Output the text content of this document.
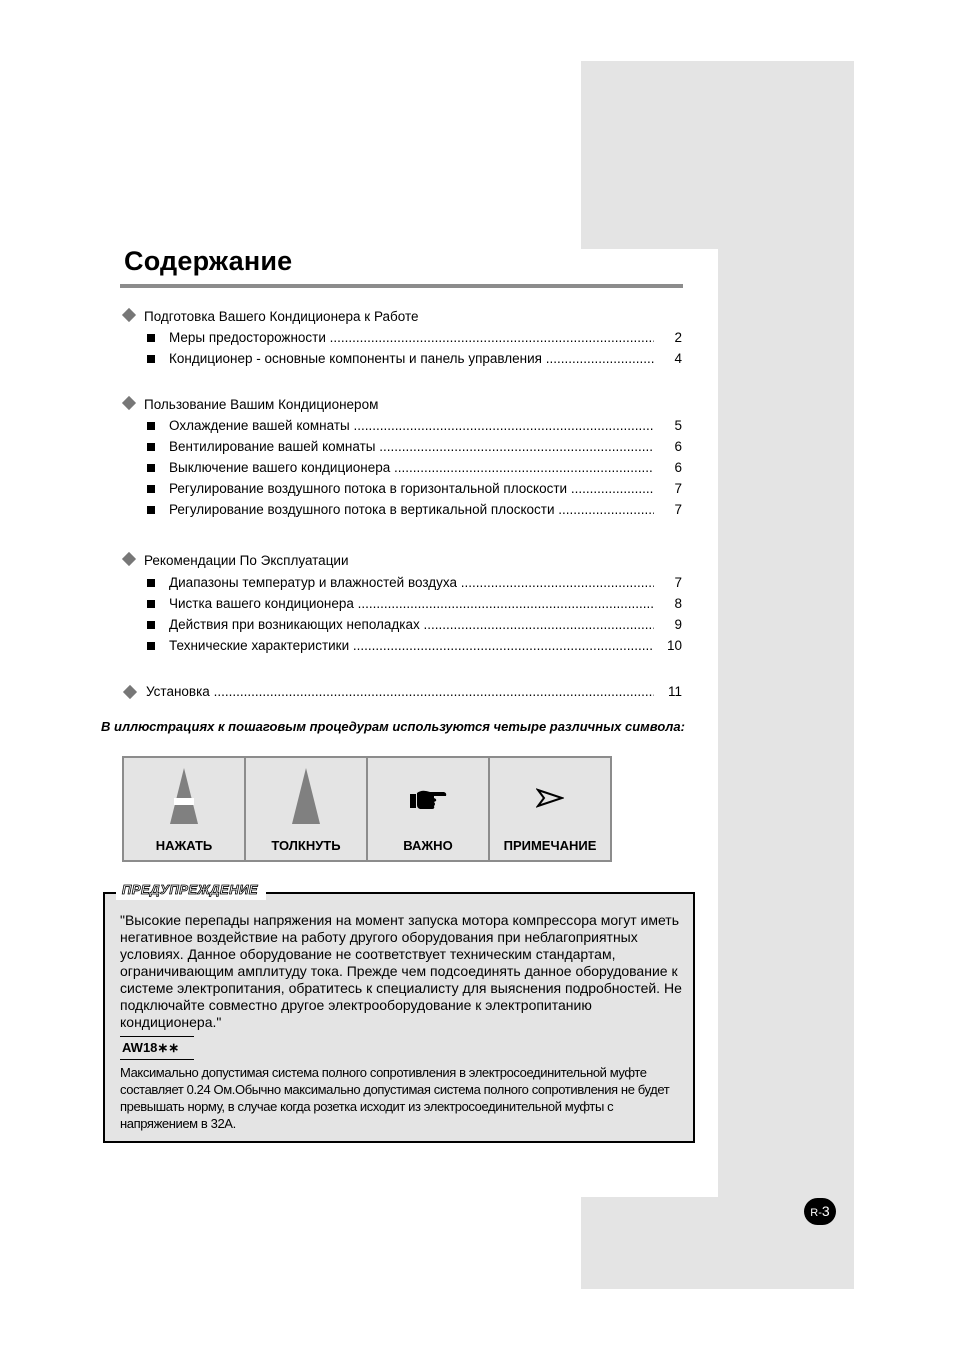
Содержание
Подготовка Вашего Кондиционера к Работе
Меры предосторожности .....	2
Кондиционер - основные компоненты и панель управления .....	4
Пользование Вашим Кондиционером
Охлаждение вашей комнаты .....	5
Вентилирование вашей комнаты .....	6
Выключение вашего кондиционера .....	6
Регулирование воздушного потока в горизонтальной плоскости .....	7
Регулирование воздушного потока в вертикальной плоскости .....	7
Рекомендации По Эксплуатации
Диапазоны температур и влажностей воздуха .....	7
Чистка вашего кондиционера .....	8
Действия при возникающих неполадках .....	9
Технические характеристики .....	10
Установка .....	11
В иллюстрациях к пошаговым процедурам используются четыре различных символа:
НАЖАТЬ	ТОЛКНУТЬ	ВАЖНО	ПРИМЕЧАНИЕ
ПРЕДУПРЕЖДЕНИЕ
"Высокие перепады напряжения на момент запуска мотора компрессора могут иметь негативное воздействие на работу другого оборудования при неблагоприятных условиях. Данное оборудование не соответствует техническим стандартам, ограничивающим амплитуду тока. Прежде чем подсоединять данное оборудование к системе электропитания, обратитесь к специалисту для выяснения подробностей. Не подключайте совместно другое электрооборудование к электропитанию кондиционера."
AW18∗∗
Максимально допустимая система полного сопротивления в электросоединительной муфте составляет 0.24 Ом.Обычно максимально допустимая система полного сопротивления не будет превышать норму, в случае когда розетка исходит из электросоединительной муфты с напряжением в 32А.
R-3
